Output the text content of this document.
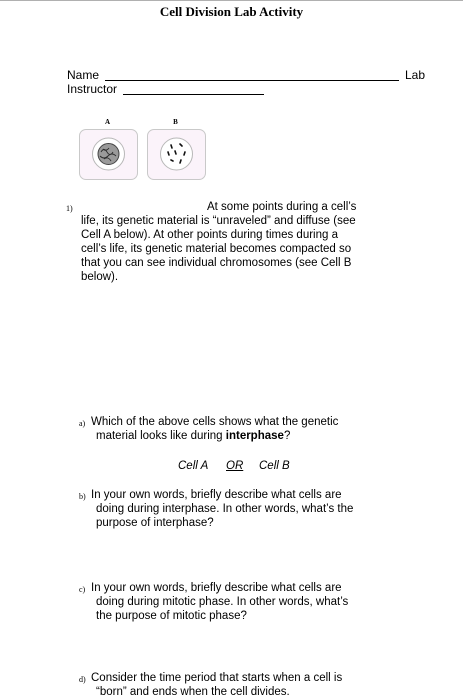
Cell Division Lab Activity
Name	Lab
Instructor
A	B
1)	At some points during a cell’s
life, its genetic material is “unraveled” and diffuse (see
Cell A below). At other points during times during a
cell’s life, its genetic material becomes compacted so
that you can see individual chromosomes (see Cell B
below).
a) Which of the above cells shows what the genetic
material looks like during interphase?
Cell A OR Cell B
b) In your own words, briefly describe what cells are
doing during interphase. In other words, what’s the
purpose of interphase?
c) In your own words, briefly describe what cells are
doing during mitotic phase. In other words, what’s
the purpose of mitotic phase?
d) Consider the time period that starts when a cell is
“born” and ends when the cell divides.
